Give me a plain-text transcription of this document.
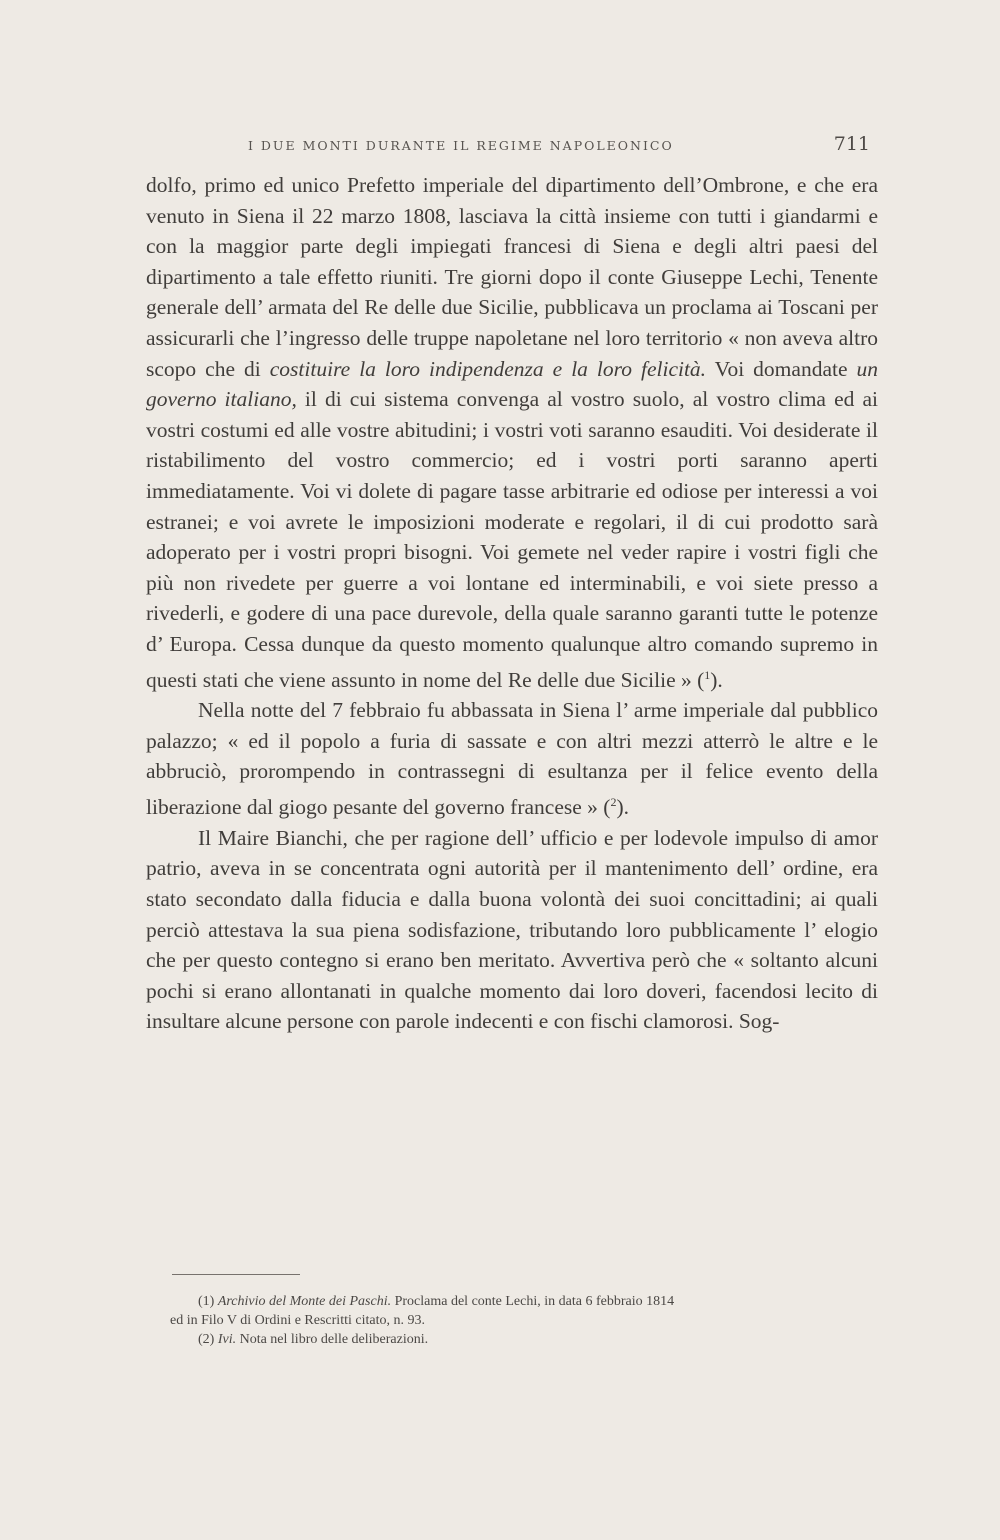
I DUE MONTI DURANTE IL REGIME NAPOLEONICO	711

dolfo, primo ed unico Prefetto imperiale del dipartimento dell’Ombrone, e che era venuto in Siena il 22 marzo 1808, lasciava la città insieme con tutti i giandarmi e con la maggior parte degli impiegati francesi di Siena e degli altri paesi del dipartimento a tale effetto riuniti. Tre giorni dopo il conte Giuseppe Lechi, Tenente generale dell’ armata del Re delle due Sicilie, pubblicava un proclama ai Toscani per assicurarli che l’ingresso delle truppe napoletane nel loro territorio « non aveva altro scopo che di costituire la loro indipendenza e la loro felicità. Voi domandate un governo italiano, il di cui sistema convenga al vostro suolo, al vostro clima ed ai vostri costumi ed alle vostre abitudini; i vostri voti saranno esauditi. Voi desiderate il ristabilimento del vostro commercio; ed i vostri porti saranno aperti immediatamente. Voi vi dolete di pagare tasse arbitrarie ed odiose per interessi a voi estranei; e voi avrete le imposizioni moderate e regolari, il di cui prodotto sarà adoperato per i vostri propri bisogni. Voi gemete nel veder rapire i vostri figli che più non rivedete per guerre a voi lontane ed interminabili, e voi siete presso a rivederli, e godere di una pace durevole, della quale saranno garanti tutte le potenze d’ Europa. Cessa dunque da questo momento qualunque altro comando supremo in questi stati che viene assunto in nome del Re delle due Sicilie » ($^1$).

Nella notte del 7 febbraio fu abbassata in Siena l’ arme imperiale dal pubblico palazzo; « ed il popolo a furia di sassate e con altri mezzi atterrò le altre e le abbruciò, prorompendo in contrassegni di esultanza per il felice evento della liberazione dal giogo pesante del governo francese » ($^2$).

Il Maire Bianchi, che per ragione dell’ ufficio e per lodevole impulso di amor patrio, aveva in se concentrata ogni autorità per il mantenimento dell’ ordine, era stato secondato dalla fiducia e dalla buona volontà dei suoi concittadini; ai quali perciò attestava la sua piena sodisfazione, tributando loro pubblicamente l’ elogio che per questo contegno si erano ben meritato. Avvertiva però che « soltanto alcuni pochi si erano allontanati in qualche momento dai loro doveri, facendosi lecito di insultare alcune persone con parole indecenti e con fischi clamorosi. Sog-

(1) Archivio del Monte dei Paschi. Proclama del conte Lechi, in data 6 febbraio 1814

ed in Filo V di Ordini e Rescritti citato, n. 93.

(2) Ivi. Nota nel libro delle deliberazioni.
